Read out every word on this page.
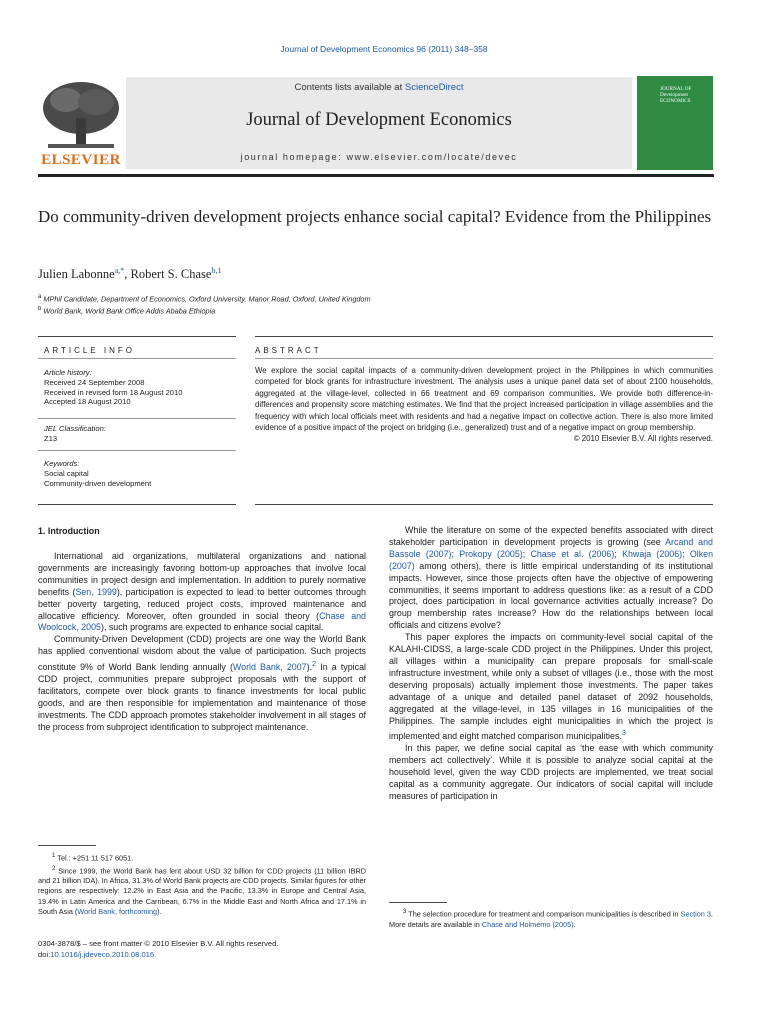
Journal of Development Economics 96 (2011) 348–358
ELSEVIER
Contents lists available at ScienceDirect
Journal of Development Economics
journal homepage: www.elsevier.com/locate/devec
JOURNAL OF
Development
ECONOMICS
Do community-driven development projects enhance social capital? Evidence from the Philippines
Julien Labonne$^{a,*}$, Robert S. Chase$^{b,1}$
$^a$ MPhil Candidate, Department of Economics, Oxford University, Manor Road, Oxford, United Kingdom
$^b$ World Bank, World Bank Office Addis Ababa Ethiopia
ARTICLE INFO	ABSTRACT
Article history:
Received 24 September 2008
Received in revised form 18 August 2010
Accepted 18 August 2010
JEL Classification:
Z13
Keywords:
Social capital
Community-driven development
We explore the social capital impacts of a community-driven development project in the Philippines in which communities competed for block grants for infrastructure investment. The analysis uses a unique panel data set of about 2100 households, aggregated at the village-level, collected in 66 treatment and 69 comparison communities. We provide both difference-in-differences and propensity score matching estimates. We find that the project increased participation in village assemblies and the frequency with which local officials meet with residents and had a negative impact on collective action. There is also more limited evidence of a positive impact of the project on bridging (i.e., generalized) trust and of a negative impact on group membership.
© 2010 Elsevier B.V. All rights reserved.
1. Introduction

International aid organizations, multilateral organizations and national governments are increasingly favoring bottom-up approaches that involve local communities in project design and implementation. In addition to purely normative benefits (Sen, 1999), participation is expected to lead to better outcomes through better poverty targeting, reduced project costs, improved maintenance and allocative efficiency. Moreover, often grounded in social theory (Chase and Woolcock, 2005), such programs are expected to enhance social capital.

Community-Driven Development (CDD) projects are one way the World Bank has applied conventional wisdom about the value of participation. Such projects constitute 9% of World Bank lending annually (World Bank, 2007).$^2$ In a typical CDD project, communities prepare subproject proposals with the support of facilitators, compete over block grants to finance investments for local public goods, and are then responsible for implementation and maintenance of those investments. The CDD approach promotes stakeholder involvement in all stages of the process from subproject identification to subproject maintenance.

$^1$ Tel.: +251 11 517 6051.

$^2$ Since 1999, the World Bank has lent about USD 32 billion for CDD projects (11 billion IBRD and 21 billion IDA). In Africa, 31.3% of World Bank projects are CDD projects. Similar figures for other regions are respectively: 12.2% in East Asia and the Pacific, 13.3% in Europe and Central Asia, 19.4% in Latin America and the Carribean, 6.7% in the Middle East and North Africa and 17.1% in South Asia (World Bank, forthcoming).

0304-3878/$ – see front matter © 2010 Elsevier B.V. All rights reserved.
doi:10.1016/j.jdeveco.2010.08.016

While the literature on some of the expected benefits associated with direct stakeholder participation in development projects is growing (see Arcand and Bassole (2007); Prokopy (2005); Chase et al. (2006); Khwaja (2006); Olken (2007) among others), there is little empirical understanding of its institutional impacts. However, since those projects often have the objective of empowering communities, it seems important to address questions like: as a result of a CDD project, does participation in local governance activities actually increase? Do group membership rates increase? How do the relationships between local officials and citizens evolve?

This paper explores the impacts on community-level social capital of the KALAHI-CIDSS, a large-scale CDD project in the Philippines. Under this project, all villages within a municipality can prepare proposals for small-scale infrastructure investment, while only a subset of villages (i.e., those with the most deserving proposals) actually implement those investments. The paper takes advantage of a unique and detailed panel dataset of 2092 households, aggregated at the village-level, in 135 villages in 16 municipalities of the Philippines. The sample includes eight municipalities in which the project is implemented and eight matched comparison municipalities.$^3$

In this paper, we define social capital as ‘the ease with which community members act collectively’. While it is possible to analyze social capital at the household level, given the way CDD projects are implemented, we treat social capital as a community aggregate. Our indicators of social capital will include measures of participation in

$^3$ The selection procedure for treatment and comparison municipalities is described in Section 3. More details are available in Chase and Holmemo (2005).
